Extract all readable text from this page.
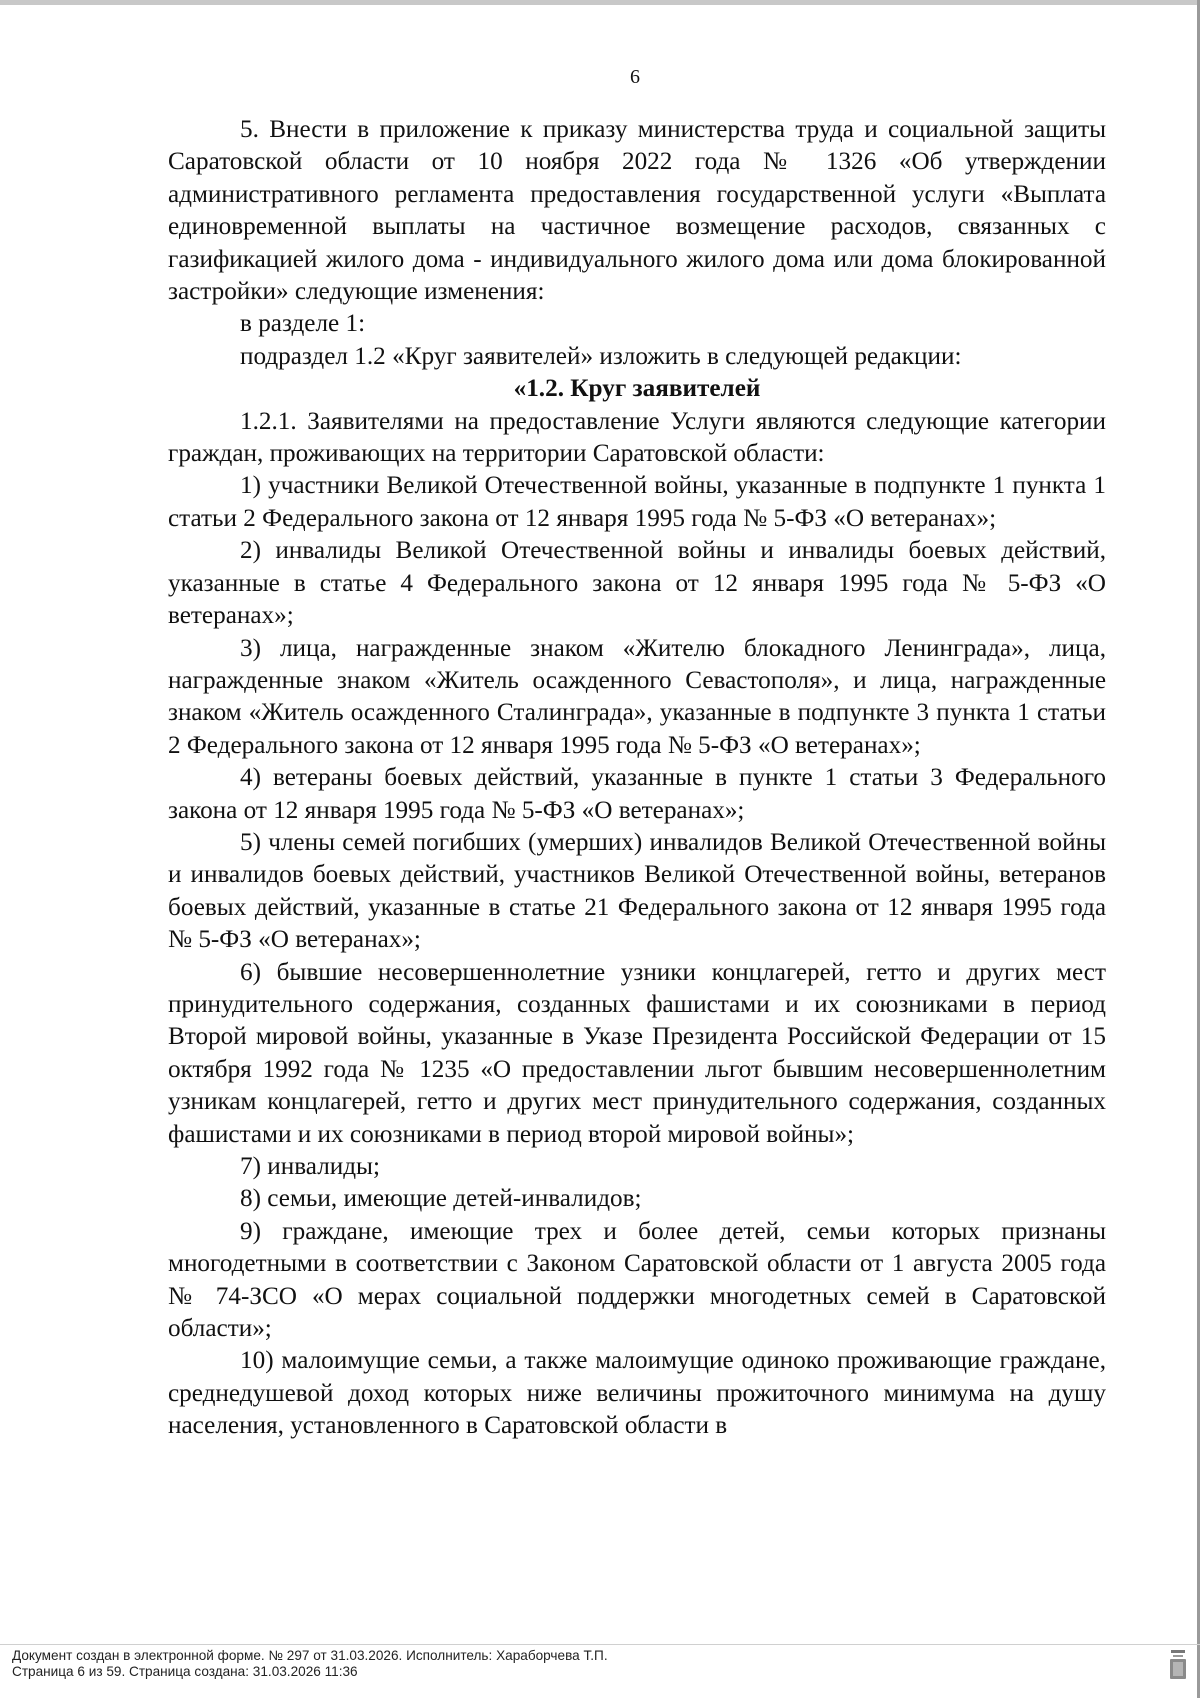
6

5. Внести в приложение к приказу министерства труда и социальной защиты Саратовской области от 10 ноября 2022 года № 1326 «Об утверждении административного регламента предоставления государственной услуги «Выплата единовременной выплаты на частичное возмещение расходов, связанных с газификацией жилого дома - индивидуального жилого дома или дома блокированной застройки» следующие изменения:

в разделе 1:

подраздел 1.2 «Круг заявителей» изложить в следующей редакции:

«1.2. Круг заявителей

1.2.1. Заявителями на предоставление Услуги являются следующие категории граждан, проживающих на территории Саратовской области:

1) участники Великой Отечественной войны, указанные в подпункте 1 пункта 1 статьи 2 Федерального закона от 12 января 1995 года № 5-ФЗ «О ветеранах»;

2) инвалиды Великой Отечественной войны и инвалиды боевых действий, указанные в статье 4 Федерального закона от 12 января 1995 года № 5-ФЗ «О ветеранах»;

3) лица, награжденные знаком «Жителю блокадного Ленинграда», лица, награжденные знаком «Житель осажденного Севастополя», и лица, награжденные знаком «Житель осажденного Сталинграда», указанные в подпункте 3 пункта 1 статьи 2 Федерального закона от 12 января 1995 года № 5-ФЗ «О ветеранах»;

4) ветераны боевых действий, указанные в пункте 1 статьи 3 Федерального закона от 12 января 1995 года № 5-ФЗ «О ветеранах»;

5) члены семей погибших (умерших) инвалидов Великой Отечественной войны и инвалидов боевых действий, участников Великой Отечественной войны, ветеранов боевых действий, указанные в статье 21 Федерального закона от 12 января 1995 года № 5-ФЗ «О ветеранах»;

6) бывшие несовершеннолетние узники концлагерей, гетто и других мест принудительного содержания, созданных фашистами и их союзниками в период Второй мировой войны, указанные в Указе Президента Российской Федерации от 15 октября 1992 года № 1235 «О предоставлении льгот бывшим несовершеннолетним узникам концлагерей, гетто и других мест принудительного содержания, созданных фашистами и их союзниками в период второй мировой войны»;

7) инвалиды;

8) семьи, имеющие детей-инвалидов;

9) граждане, имеющие трех и более детей, семьи которых признаны многодетными в соответствии с Законом Саратовской области от 1 августа 2005 года № 74-ЗСО «О мерах социальной поддержки многодетных семей в Саратовской области»;

10) малоимущие семьи, а также малоимущие одиноко проживающие граждане, среднедушевой доход которых ниже величины прожиточного минимума на душу населения, установленного в Саратовской области в

Документ создан в электронной форме. № 297 от 31.03.2026. Исполнитель: Хараборчева Т.П.
Страница 6 из 59. Страница создана: 31.03.2026 11:36
